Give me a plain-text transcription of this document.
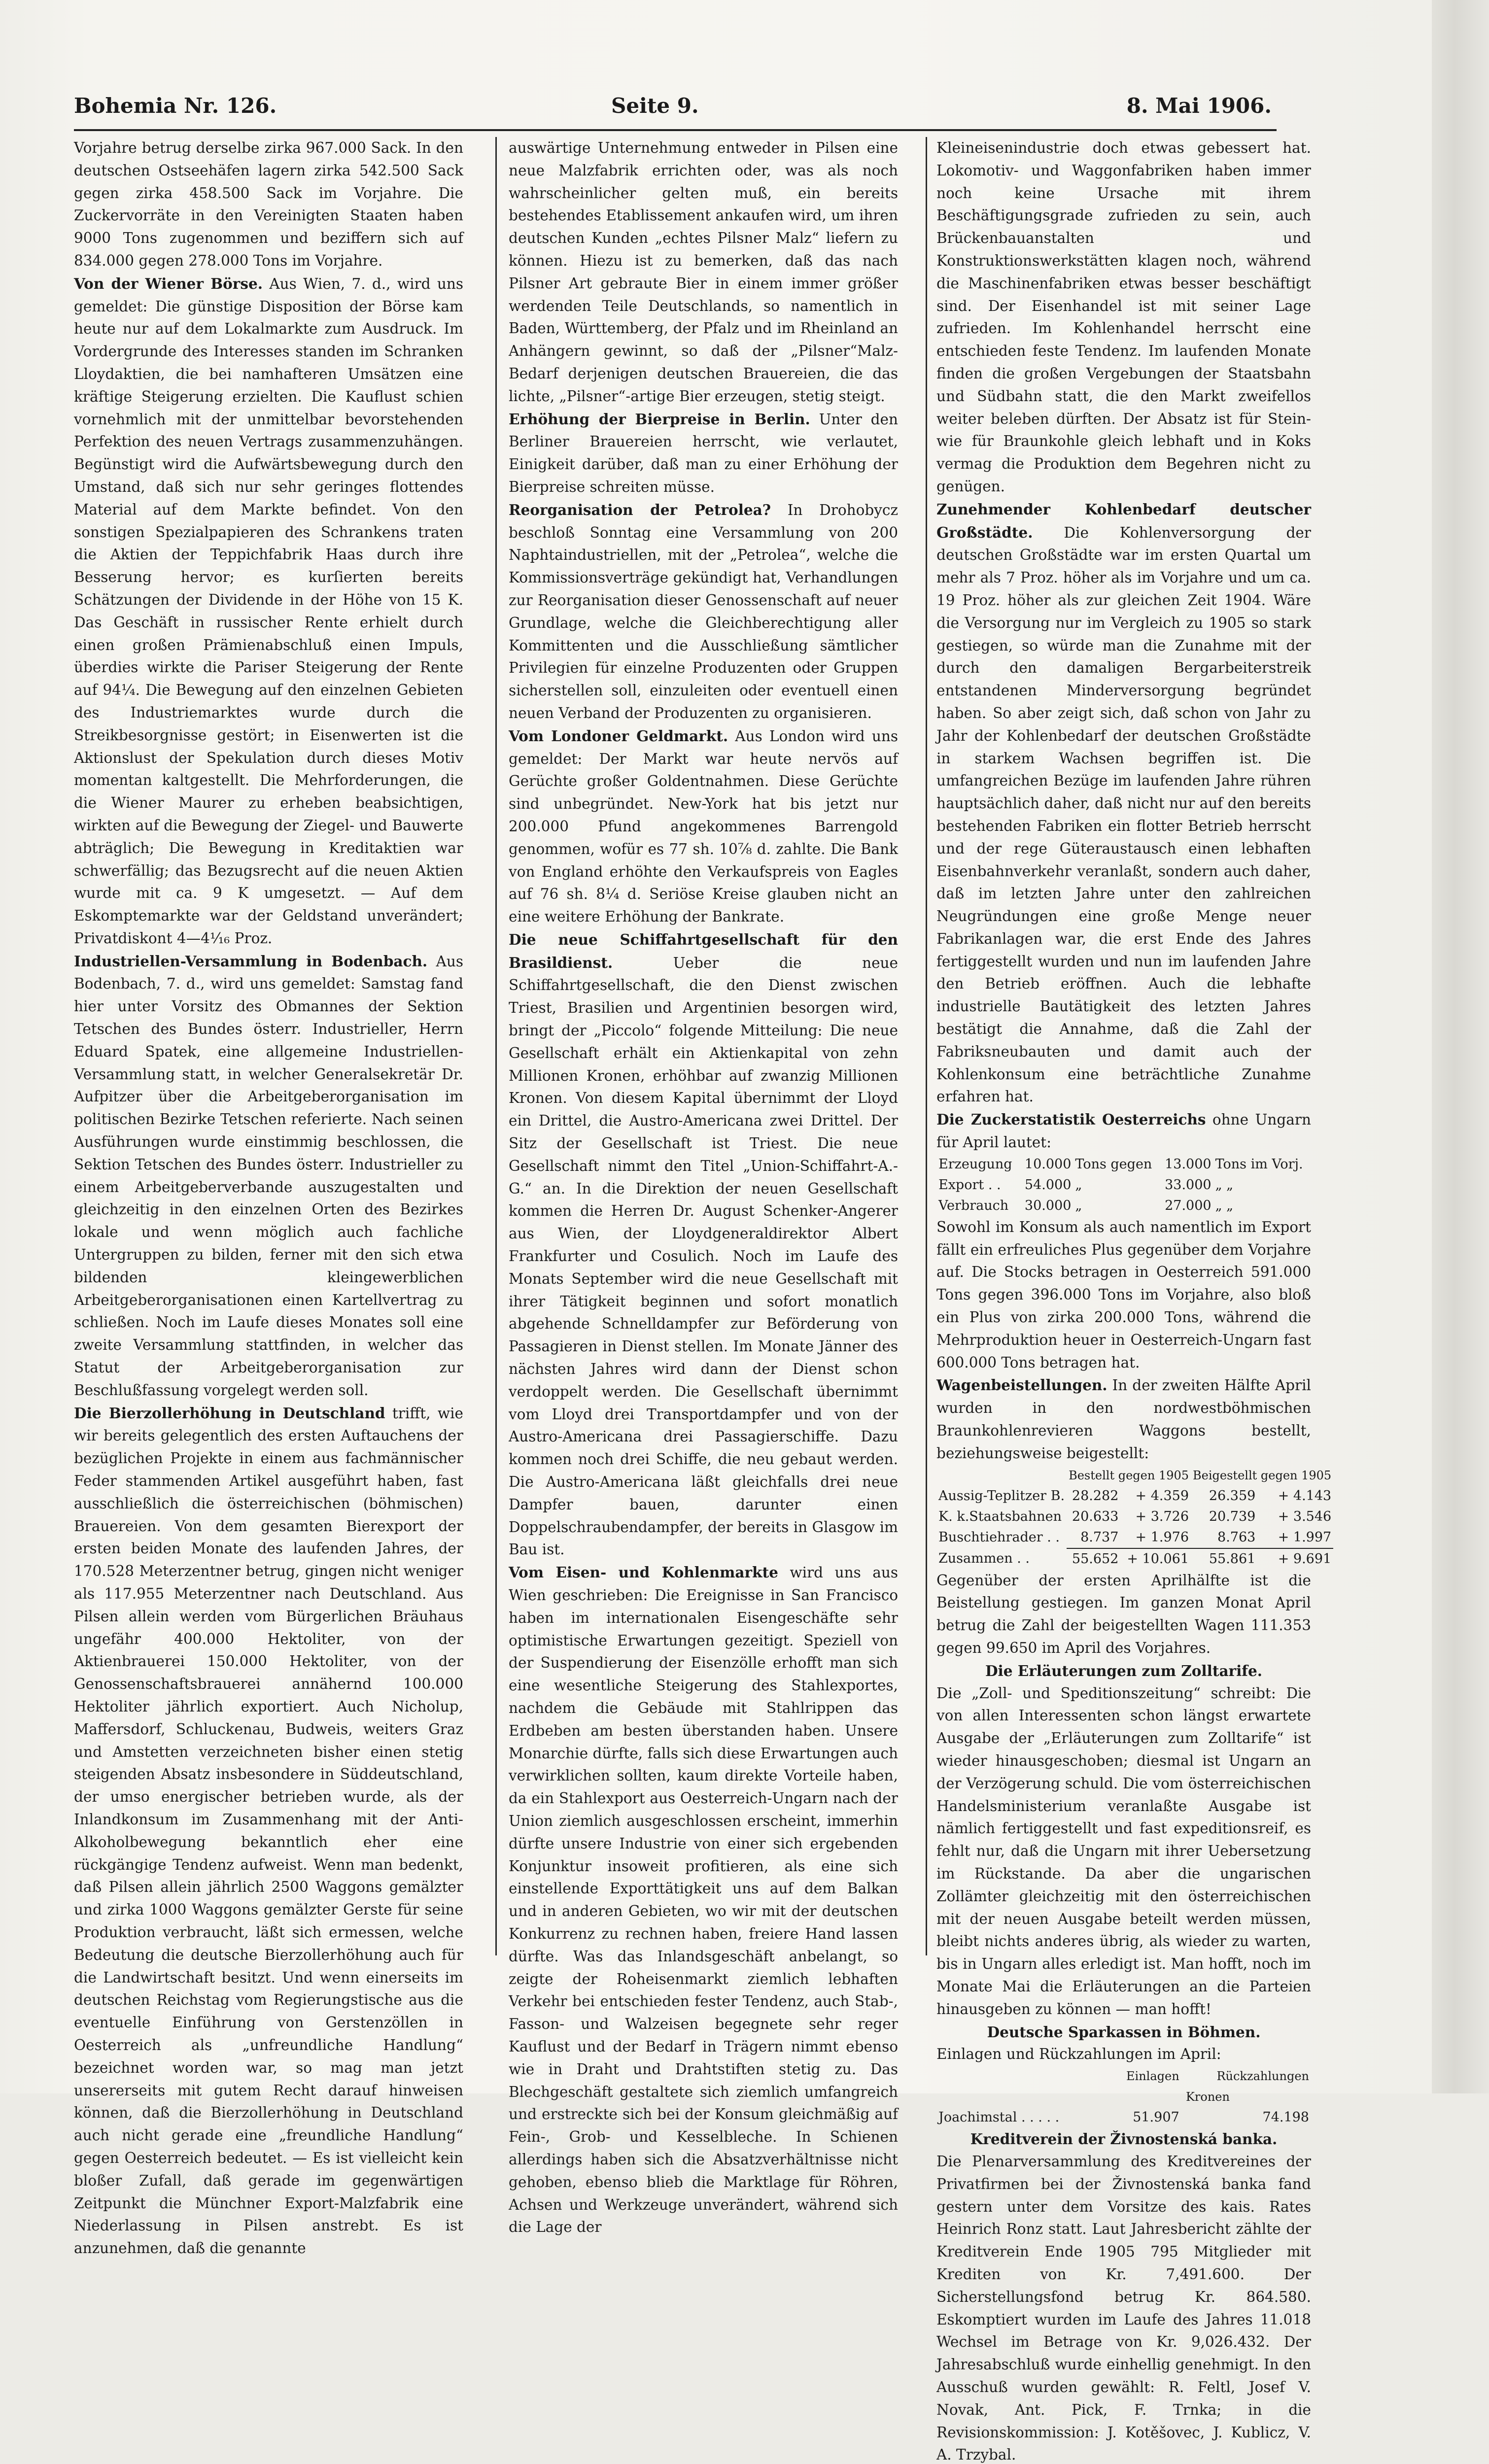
Bohemia Nr. 126.	Seite 9.	8. Mai 1906.

Vorjahre betrug derselbe zirka 967.000 Sack. In den deutschen Ostseehäfen lagern zirka 542.500 Sack gegen zirka 458.500 Sack im Vorjahre. Die Zuckervorräte in den Vereinigten Staaten haben 9000 Tons zugenommen und beziffern sich auf 834.000 gegen 278.000 Tons im Vorjahre.

Von der Wiener Börse. Aus Wien, 7. d., wird uns gemeldet: Die günstige Disposition der Börse kam heute nur auf dem Lokalmarkte zum Ausdruck. Im Vordergrunde des Interesses standen im Schranken Lloydaktien, die bei namhafteren Umsätzen eine kräftige Steigerung erzielten. Die Kauflust schien vornehmlich mit der unmittelbar bevorstehenden Perfektion des neuen Vertrags zusammenzuhängen. Begünstigt wird die Aufwärtsbewegung durch den Umstand, daß sich nur sehr geringes flottendes Material auf dem Markte befindet. Von den sonstigen Spezialpapieren des Schrankens traten die Aktien der Teppichfabrik Haas durch ihre Besserung hervor; es kurſierten bereits Schätzungen der Dividende in der Höhe von 15 K. Das Geschäft in russischer Rente erhielt durch einen großen Prämienabschluß einen Impuls, überdies wirkte die Pariser Steigerung der Rente auf 94¼. Die Bewegung auf den einzelnen Gebieten des Industriemarktes wurde durch die Streikbesorgnisse gestört; in Eisenwerten ist die Aktionslust der Spekulation durch dieses Motiv momentan kaltgestellt. Die Mehrforderungen, die die Wiener Maurer zu erheben beabsichtigen, wirkten auf die Bewegung der Ziegel- und Bauwerte abträglich; Die Bewegung in Kreditaktien war schwerfällig; das Bezugsrecht auf die neuen Aktien wurde mit ca. 9 K umgesetzt. — Auf dem Eskomptemarkte war der Geldstand unverändert; Privatdiskont 4—4¹⁄₁₆ Proz.

Industriellen-Versammlung in Bodenbach. Aus Bodenbach, 7. d., wird uns gemeldet: Samstag fand hier unter Vorsitz des Obmannes der Sektion Tetschen des Bundes österr. Industrieller, Herrn Eduard Spatek, eine allgemeine Industriellen-Versammlung statt, in welcher Generalsekretär Dr. Aufpitzer über die Arbeitgeberorganisation im politischen Bezirke Tetschen referierte. Nach seinen Ausführungen wurde einstimmig beschlossen, die Sektion Tetschen des Bundes österr. Industrieller zu einem Arbeitgeberverbande auszugestalten und gleichzeitig in den einzelnen Orten des Bezirkes lokale und wenn möglich auch fachliche Untergruppen zu bilden, ferner mit den sich etwa bildenden kleingewerblichen Arbeitgeberorganisationen einen Kartellvertrag zu schließen. Noch im Laufe dieses Monates soll eine zweite Versammlung stattfinden, in welcher das Statut der Arbeitgeberorganisation zur Beschlußfassung vorgelegt werden soll.

Die Bierzollerhöhung in Deutschland trifft, wie wir bereits gelegentlich des ersten Auftauchens der bezüglichen Projekte in einem aus fachmännischer Feder stammenden Artikel ausgeführt haben, fast ausschließlich die österreichischen (böhmischen) Brauereien. Von dem gesamten Bierexport der ersten beiden Monate des laufenden Jahres, der 170.528 Meterzentner betrug, gingen nicht weniger als 117.955 Meterzentner nach Deutschland. Aus Pilsen allein werden vom Bürgerlichen Bräuhaus ungefähr 400.000 Hektoliter, von der Aktienbrauerei 150.000 Hektoliter, von der Genossenschaftsbrauerei annähernd 100.000 Hektoliter jährlich exportiert. Auch Nicholup, Maffersdorf, Schluckenau, Budweis, weiters Graz und Amstetten verzeichneten bisher einen stetig steigenden Absatz insbesondere in Süddeutschland, der umso energischer betrieben wurde, als der Inlandkonsum im Zusammenhang mit der Anti-Alkoholbewegung bekanntlich eher eine rückgängige Tendenz aufweist. Wenn man bedenkt, daß Pilsen allein jährlich 2500 Waggons gemälzter und zirka 1000 Waggons gemälzter Gerste für seine Produktion verbraucht, läßt sich ermessen, welche Bedeutung die deutsche Bierzollerhöhung auch für die Landwirtschaft besitzt. Und wenn einerseits im deutschen Reichstag vom Regierungstische aus die eventuelle Einführung von Gerstenzöllen in Oesterreich als „unfreundliche Handlung“ bezeichnet worden war, so mag man jetzt unsererseits mit gutem Recht darauf hinweisen können, daß die Bierzollerhöhung in Deutschland auch nicht gerade eine „freundliche Handlung“ gegen Oesterreich bedeutet. — Es ist vielleicht kein bloßer Zufall, daß gerade im gegenwärtigen Zeitpunkt die Münchner Export-Malzfabrik eine Niederlassung in Pilsen anstrebt. Es ist anzunehmen, daß die genannte

auswärtige Unternehmung entweder in Pilsen eine neue Malzfabrik errichten oder, was als noch wahrscheinlicher gelten muß, ein bereits bestehendes Etablissement ankaufen wird, um ihren deutschen Kunden „echtes Pilsner Malz“ liefern zu können. Hiezu ist zu bemerken, daß das nach Pilsner Art gebraute Bier in einem immer größer werdenden Teile Deutschlands, so namentlich in Baden, Württemberg, der Pfalz und im Rheinland an Anhängern gewinnt, so daß der „Pilsner“Malz-Bedarf derjenigen deutschen Brauereien, die das lichte, „Pilsner“-artige Bier erzeugen, stetig steigt.

Erhöhung der Bierpreise in Berlin. Unter den Berliner Brauereien herrscht, wie verlautet, Einigkeit darüber, daß man zu einer Erhöhung der Bierpreise schreiten müsse.

Reorganisation der Petrolea? In Drohobycz beschloß Sonntag eine Versammlung von 200 Naphtaindustriellen, mit der „Petrolea“, welche die Kommissionsverträge gekündigt hat, Verhandlungen zur Reorganisation dieser Genossenschaft auf neuer Grundlage, welche die Gleichberechtigung aller Kommittenten und die Ausschließung sämtlicher Privilegien für einzelne Produzenten oder Gruppen sicherstellen soll, einzuleiten oder eventuell einen neuen Verband der Produzenten zu organisieren.

Vom Londoner Geldmarkt. Aus London wird uns gemeldet: Der Markt war heute nervös auf Gerüchte großer Goldentnahmen. Diese Gerüchte sind unbegründet. New-York hat bis jetzt nur 200.000 Pfund angekommenes Barrengold genommen, wofür es 77 sh. 10⅞ d. zahlte. Die Bank von England erhöhte den Verkaufspreis von Eagles auf 76 sh. 8¼ d. Seriöse Kreise glauben nicht an eine weitere Erhöhung der Bankrate.

Die neue Schiffahrtgesellschaft für den Brasildienst.	Ueber die neue Schiffahrtgesellschaft, die den Dienst zwischen Triest, Brasilien und Argentinien besorgen wird, bringt der „Piccolo“ folgende Mitteilung: Die neue Gesellschaft erhält ein Aktienkapital von zehn Millionen Kronen, erhöhbar auf zwanzig Millionen Kronen. Von diesem Kapital übernimmt der Lloyd ein Drittel, die Austro-Americana zwei Drittel. Der Sitz der Gesellschaft ist Triest. Die neue Gesellschaft nimmt den Titel „Union-Schiffahrt-A.-G.“ an. In die Direktion der neuen Gesellschaft kommen die Herren Dr. August Schenker-Angerer aus Wien, der Lloydgeneraldirektor Albert Frankfurter und Cosulich. Noch im Laufe des Monats September wird die neue Gesellschaft mit ihrer Tätigkeit beginnen und sofort monatlich abgehende Schnelldampfer zur Beförderung von Passagieren in Dienst stellen. Im Monate Jänner des nächsten Jahres wird dann der Dienst schon verdoppelt werden. Die Gesellschaft übernimmt vom Lloyd drei Transportdampfer und von der Austro-Americana drei Passagierschiffe. Dazu kommen noch drei Schiffe, die neu gebaut werden. Die Austro-Americana läßt gleichfalls drei neue Dampfer bauen, darunter einen Doppelschraubendampfer, der bereits in Glasgow im Bau ist.

Vom Eisen- und Kohlenmarkte wird uns aus Wien geschrieben: Die Ereignisse in San Francisco haben im internationalen Eisengeschäfte sehr optimistische Erwartungen gezeitigt. Speziell von der Suspendierung der Eisenzölle erhofft man sich eine wesentliche Steigerung des Stahlexportes, nachdem die Gebäude mit Stahlrippen das Erdbeben am besten überstanden haben. Unsere Monarchie dürfte, falls sich diese Erwartungen auch verwirklichen sollten, kaum direkte Vorteile haben, da ein Stahlexport aus Oesterreich-Ungarn nach der Union ziemlich ausgeschlossen erscheint, immerhin dürfte unsere Industrie von einer sich ergebenden Konjunktur insoweit profitieren, als eine sich einstellende Exporttätigkeit uns auf dem Balkan und in anderen Gebieten, wo wir mit der deutschen Konkurrenz zu rechnen haben, freiere Hand lassen dürfte. Was das Inlandsgeschäft anbelangt, so zeigte der Roheisenmarkt ziemlich lebhaften Verkehr bei entschieden fester Tendenz, auch Stab-, Fasson- und Walzeisen begegnete sehr reger Kauflust und der Bedarf in Trägern nimmt ebenso wie in Draht und Drahtstiften stetig zu. Das Blechgeschäft gestaltete sich ziemlich umfangreich und erstreckte sich bei der Konsum gleichmäßig auf Fein-, Grob- und Kesselbleche. In Schienen allerdings haben sich die Absatzverhältnisse nicht gehoben, ebenso blieb die Marktlage für Röhren, Achsen und Werkzeuge unverändert, während sich die Lage der

Kleineisenindustrie doch etwas gebessert hat. Lokomotiv- und Waggonfabriken haben immer noch keine Ursache mit ihrem Beschäftigungsgrade zufrieden zu sein, auch Brückenbauanstalten und Konstruktionswerkstätten klagen noch, während die Maschinenfabriken etwas besser beschäftigt sind. Der Eisenhandel ist mit seiner Lage zufrieden. Im Kohlenhandel herrscht eine entschieden feste Tendenz. Im laufenden Monate finden die großen Vergebungen der Staatsbahn und Südbahn statt, die den Markt zweifellos weiter beleben dürften. Der Absatz ist für Stein- wie für Braunkohle gleich lebhaft und in Koks vermag die Produktion dem Begehren nicht zu genügen.

Zunehmender Kohlenbedarf deutscher Großstädte. Die Kohlenversorgung der deutschen Großstädte war im ersten Quartal um mehr als 7 Proz. höher als im Vorjahre und um ca. 19 Proz. höher als zur gleichen Zeit 1904. Wäre die Versorgung nur im Vergleich zu 1905 so stark gestiegen, so würde man die Zunahme mit der durch den damaligen Bergarbeiterstreik entstandenen Minderversorgung begründet haben. So aber zeigt sich, daß schon von Jahr zu Jahr der Kohlenbedarf der deutschen Großstädte in starkem Wachsen begriffen ist. Die umfangreichen Bezüge im laufenden Jahre rühren hauptsächlich daher, daß nicht nur auf den bereits bestehenden Fabriken ein flotter Betrieb herrscht und der rege Güteraustausch einen lebhaften Eisenbahnverkehr veranlaßt, sondern auch daher, daß im letzten Jahre unter den zahlreichen Neugründungen eine große Menge neuer Fabrikanlagen war, die erst Ende des Jahres fertiggestellt wurden und nun im laufenden Jahre den Betrieb eröffnen. Auch die lebhafte industrielle Bautätigkeit des letzten Jahres bestätigt die Annahme, daß die Zahl der Fabriksneubauten und damit auch der Kohlenkonsum eine beträchtliche Zunahme erfahren hat.

Die Zuckerstatistik Oesterreichs ohne Ungarn für April lautet:

Erzeugung	10.000	Tons gegen	13.000	Tons im Vorj.
Export . .	54.000	„	33.000	„ „
Verbrauch	30.000	„	27.000	„ „

Sowohl im Konsum als auch namentlich im Export fällt ein erfreuliches Plus gegenüber dem Vorjahre auf. Die Stocks betragen in Oesterreich 591.000 Tons gegen 396.000 Tons im Vorjahre, also bloß ein Plus von zirka 200.000 Tons, während die Mehrproduktion heuer in Oesterreich-Ungarn fast 600.000 Tons betragen hat.

Wagenbeistellungen. In der zweiten Hälfte April wurden in den nordwestböhmischen Braunkohlenrevieren Waggons bestellt, beziehungsweise beigestellt:

	Bestellt gegen 1905		Beigestellt gegen 1905	
Aussig-Teplitzer B.	28.282	+ 4.359	26.359	+ 4.143
K. k.Staatsbahnen	20.633	+ 3.726	20.739	+ 3.546
Buschtiehrader . .	8.737	+ 1.976	8.763	+ 1.997
Zusammen . .	55.652	+ 10.061	55.861	+ 9.691

Gegenüber der ersten Aprilhälfte ist die Beistellung gestiegen. Im ganzen Monat April betrug die Zahl der beigestellten Wagen 111.353 gegen 99.650 im April des Vorjahres.

Die Erläuterungen zum Zolltarife.

Die „Zoll- und Speditionszeitung“ schreibt: Die von allen Interessenten schon längst erwartete Ausgabe der „Erläuterungen zum Zolltarife“ ist wieder hinausgeschoben; diesmal ist Ungarn an der Verzögerung schuld. Die vom österreichischen Handelsministerium veranlaßte Ausgabe ist nämlich fertiggestellt und fast expeditionsreif, es fehlt nur, daß die Ungarn mit ihrer Uebersetzung im Rückstande. Da aber die ungarischen Zollämter gleichzeitig mit den österreichischen mit der neuen Ausgabe beteilt werden müssen, bleibt nichts anderes übrig, als wieder zu warten, bis in Ungarn alles erledigt ist. Man hofft, noch im Monate Mai die Erläuterungen an die Parteien hinausgeben zu können — man hofft!

Deutsche Sparkassen in Böhmen.

Einlagen und Rückzahlungen im April:

	Einlagen	Rückzahlungen
	Kronen	
Joachimstal . . . . .	51.907	74.198

Kreditverein der Živnostenská banka.

Die Plenarversammlung des Kreditvereines der Privatfirmen bei der Živnostenská banka fand gestern unter dem Vorsitze des kais. Rates Heinrich Ronz statt. Laut Jahresbericht zählte der Kreditverein Ende 1905 795 Mitglieder mit Krediten von Kr. 7,491.600. Der Sicherstellungsfond betrug Kr. 864.580. Eskomptiert wurden im Laufe des Jahres 11.018 Wechsel im Betrage von Kr. 9,026.432. Der Jahresabschluß wurde einhellig genehmigt. In den Ausschuß wurden gewählt: R. Feltl, Josef V. Novak, Ant. Pick, F. Trnka; in die Revisionskommission: J. Kotěšovec, J. Kublicz, V. A. Trzybal.
